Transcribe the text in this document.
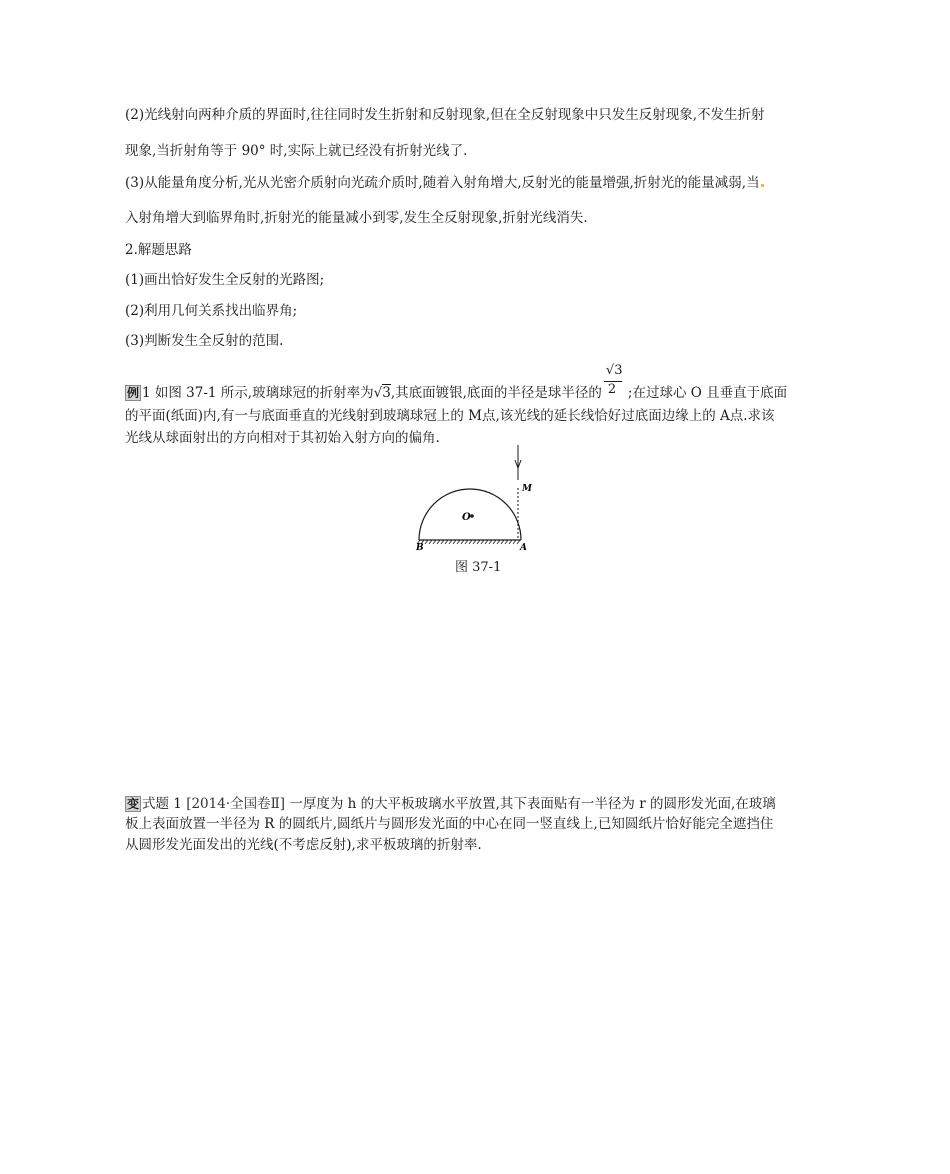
(2)光线射向两种介质的界面时,往往同时发生折射和反射现象,但在全反射现象中只发生反射现象,不发生折射
现象,当折射角等于 90° 时,实际上就已经没有折射光线了.
(3)从能量角度分析,光从光密介质射向光疏介质时,随着入射角增大,反射光的能量增强,折射光的能量减弱,当
入射角增大到临界角时,折射光的能量减小到零,发生全反射现象,折射光线消失.
2.解题思路
(1)画出恰好发生全反射的光路图;
(2)利用几何关系找出临界角;
(3)判断发生全反射的范围.
例 1 如图 37-1 所示,玻璃球冠的折射率为√3,其底面镀银,底面的半径是球半径的 $\frac{√3}{2}$ ;在过球心 O 且垂直于底面
的平面(纸面)内,有一与底面垂直的光线射到玻璃球冠上的 M点,该光线的延长线恰好过底面边缘上的 A点.求该
光线从球面射出的方向相对于其初始入射方向的偏角.
O
M
A
B
图 37-1
变 式题 1 [2014·全国卷Ⅱ] 一厚度为 h 的大平板玻璃水平放置,其下表面贴有一半径为 r 的圆形发光面,在玻璃
板上表面放置一半径为 R 的圆纸片,圆纸片与圆形发光面的中心在同一竖直线上,已知圆纸片恰好能完全遮挡住
从圆形发光面发出的光线(不考虑反射),求平板玻璃的折射率.
